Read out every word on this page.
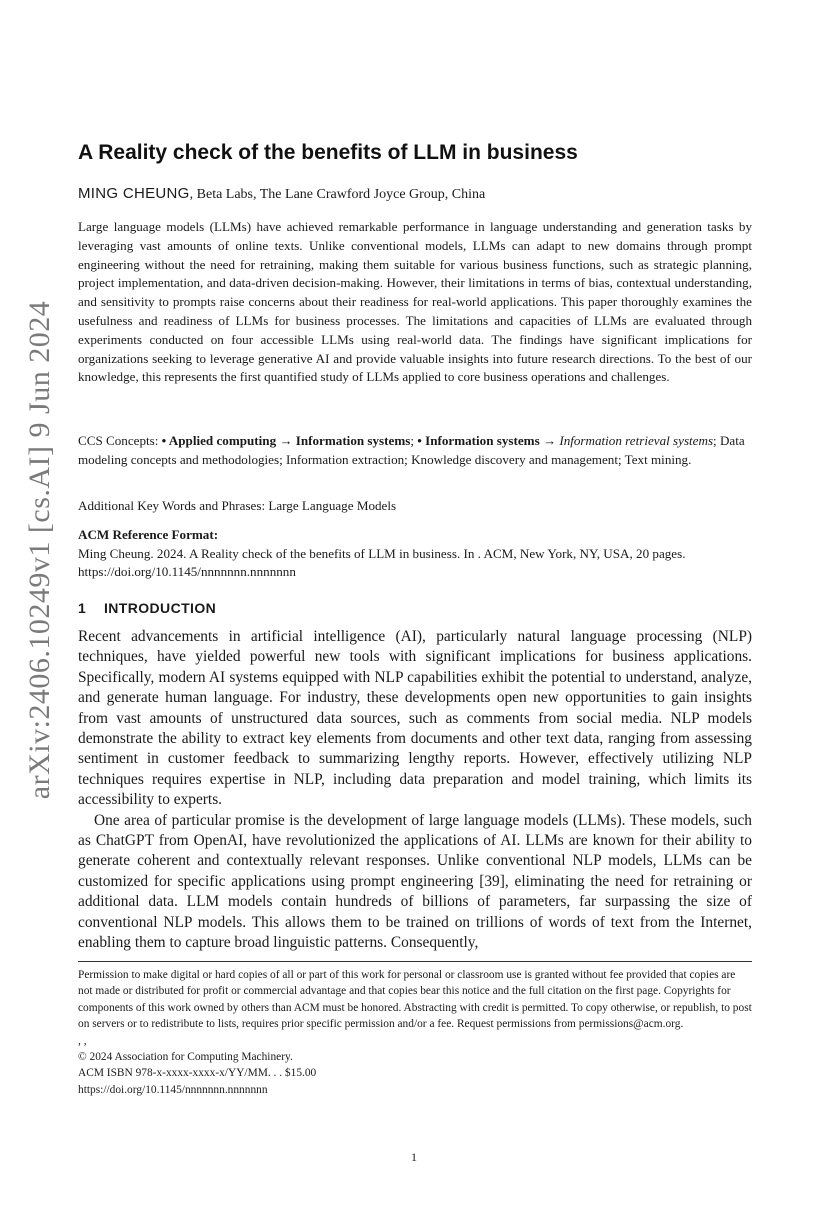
arXiv:2406.10249v1 [cs.AI] 9 Jun 2024
A Reality check of the benefits of LLM in business
MING CHEUNG, Beta Labs, The Lane Crawford Joyce Group, China

Large language models (LLMs) have achieved remarkable performance in language understanding and generation tasks by leveraging vast amounts of online texts. Unlike conventional models, LLMs can adapt to new domains through prompt engineering without the need for retraining, making them suitable for various business functions, such as strategic planning, project implementation, and data-driven decision-making. However, their limitations in terms of bias, contextual understanding, and sensitivity to prompts raise concerns about their readiness for real-world applications. This paper thoroughly examines the usefulness and readiness of LLMs for business processes. The limitations and capacities of LLMs are evaluated through experiments conducted on four accessible LLMs using real-world data. The findings have significant implications for organizations seeking to leverage generative AI and provide valuable insights into future research directions. To the best of our knowledge, this represents the first quantified study of LLMs applied to core business operations and challenges.

CCS Concepts: • Applied computing → Information systems; • Information systems → Information retrieval systems; Data modeling concepts and methodologies; Information extraction; Knowledge discovery and management; Text mining.

Additional Key Words and Phrases: Large Language Models

ACM Reference Format:
Ming Cheung. 2024. A Reality check of the benefits of LLM in business. In . ACM, New York, NY, USA, 20 pages. https://doi.org/10.1145/nnnnnnn.nnnnnnn
1 INTRODUCTION

Recent advancements in artificial intelligence (AI), particularly natural language processing (NLP) techniques, have yielded powerful new tools with significant implications for business applications. Specifically, modern AI systems equipped with NLP capabilities exhibit the potential to understand, analyze, and generate human language. For industry, these developments open new opportunities to gain insights from vast amounts of unstructured data sources, such as comments from social media. NLP models demonstrate the ability to extract key elements from documents and other text data, ranging from assessing sentiment in customer feedback to summarizing lengthy reports. However, effectively utilizing NLP techniques requires expertise in NLP, including data preparation and model training, which limits its accessibility to experts.

One area of particular promise is the development of large language models (LLMs). These models, such as ChatGPT from OpenAI, have revolutionized the applications of AI. LLMs are known for their ability to generate coherent and contextually relevant responses. Unlike conventional NLP models, LLMs can be customized for specific applications using prompt engineering [39], eliminating the need for retraining or additional data. LLM models contain hundreds of billions of parameters, far surpassing the size of conventional NLP models. This allows them to be trained on trillions of words of text from the Internet, enabling them to capture broad linguistic patterns. Consequently,

Permission to make digital or hard copies of all or part of this work for personal or classroom use is granted without fee provided that copies are not made or distributed for profit or commercial advantage and that copies bear this notice and the full citation on the first page. Copyrights for components of this work owned by others than ACM must be honored. Abstracting with credit is permitted. To copy otherwise, or republish, to post on servers or to redistribute to lists, requires prior specific permission and/or a fee. Request permissions from permissions@acm.org.

, ,

© 2024 Association for Computing Machinery.

ACM ISBN 978-x-xxxx-xxxx-x/YY/MM. . . $15.00

https://doi.org/10.1145/nnnnnnn.nnnnnnn

1
